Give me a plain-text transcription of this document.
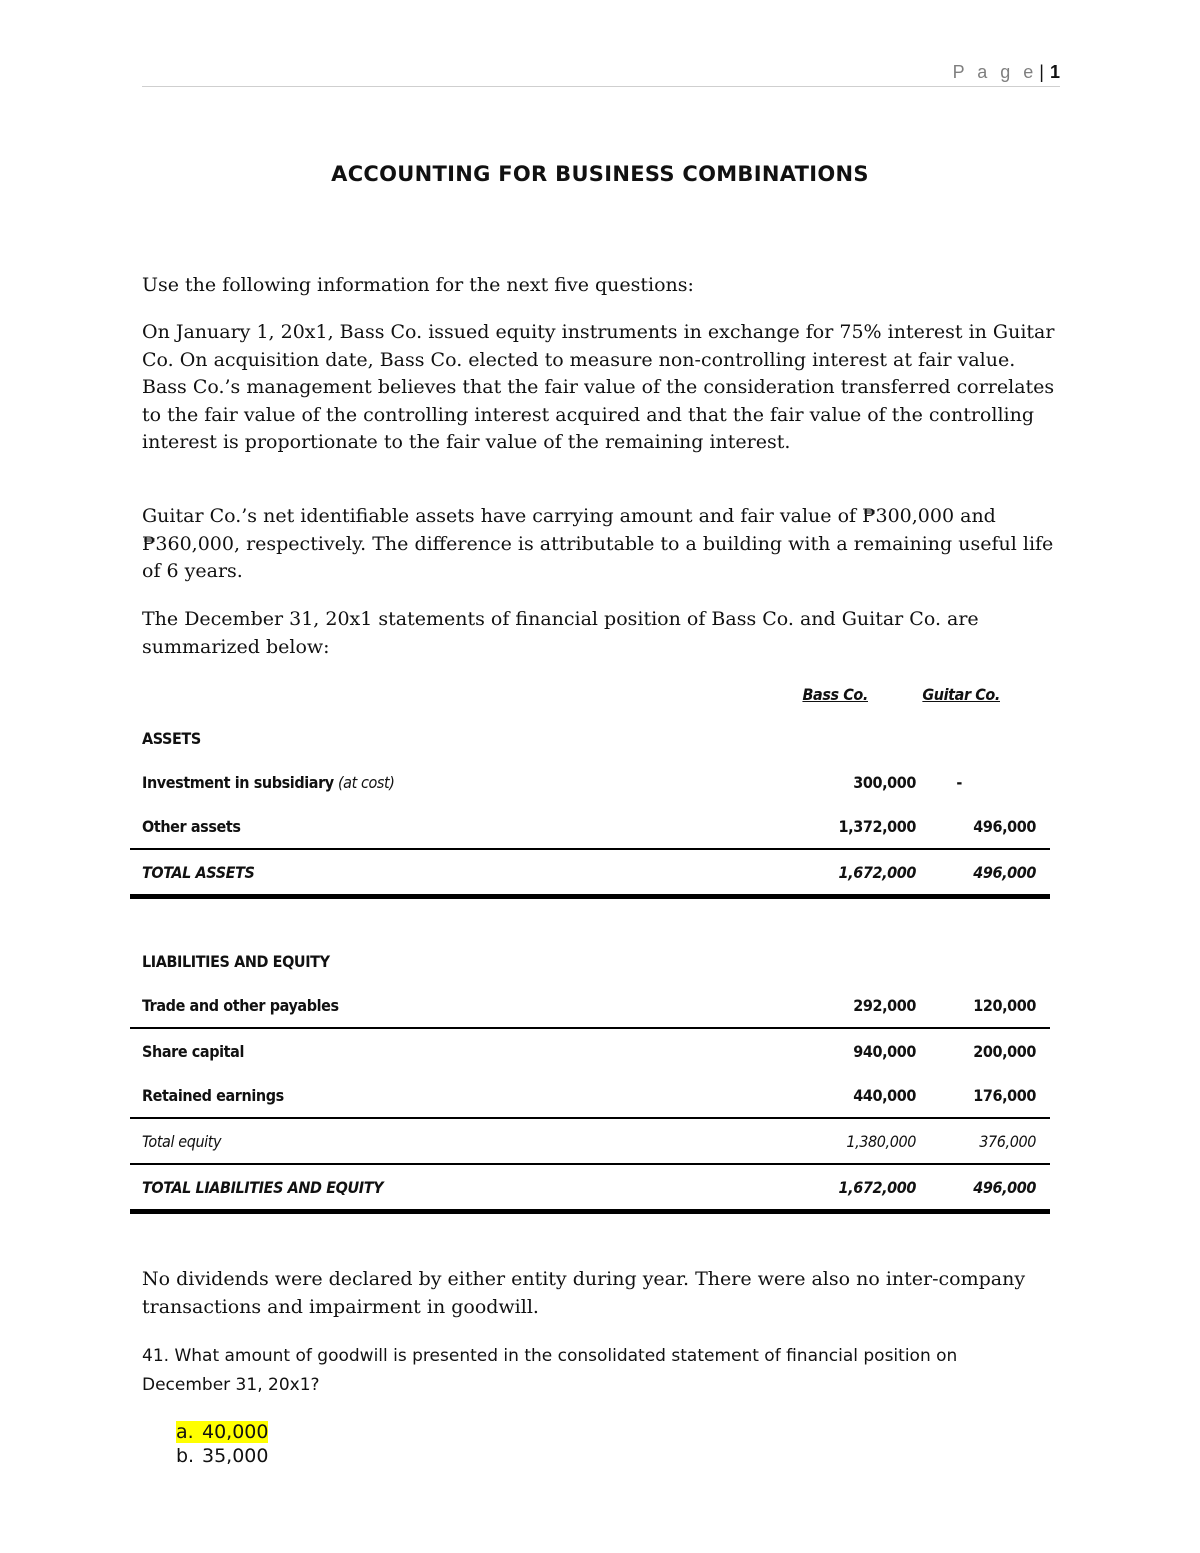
P a g e | 1
ACCOUNTING FOR BUSINESS COMBINATIONS

Use the following information for the next five questions:

On January 1, 20x1, Bass Co. issued equity instruments in exchange for 75% interest in Guitar Co. On acquisition date, Bass Co. elected to measure non-controlling interest at fair value. Bass Co.’s management believes that the fair value of the consideration transferred correlates to the fair value of the controlling interest acquired and that the fair value of the controlling interest is proportionate to the fair value of the remaining interest.

Guitar Co.’s net identifiable assets have carrying amount and fair value of ₱300,000 and ₱360,000, respectively. The difference is attributable to a building with a remaining useful life of 6 years.

The December 31, 20x1 statements of financial position of Bass Co. and Guitar Co. are summarized below:

	Bass Co.	Guitar Co.
ASSETS		
Investment in subsidiary (at cost)	300,000	-
Other assets	1,372,000	496,000
TOTAL ASSETS	1,672,000	496,000

LIABILITIES AND EQUITY		
Trade and other payables	292,000	120,000
Share capital	940,000	200,000
Retained earnings	440,000	176,000
Total equity	1,380,000	376,000
TOTAL LIABILITIES AND EQUITY	1,672,000	496,000

No dividends were declared by either entity during year. There were also no inter-company transactions and impairment in goodwill.

41. What amount of goodwill is presented in the consolidated statement of financial position on December 31, 20x1?

a. 40,000
b. 35,000
